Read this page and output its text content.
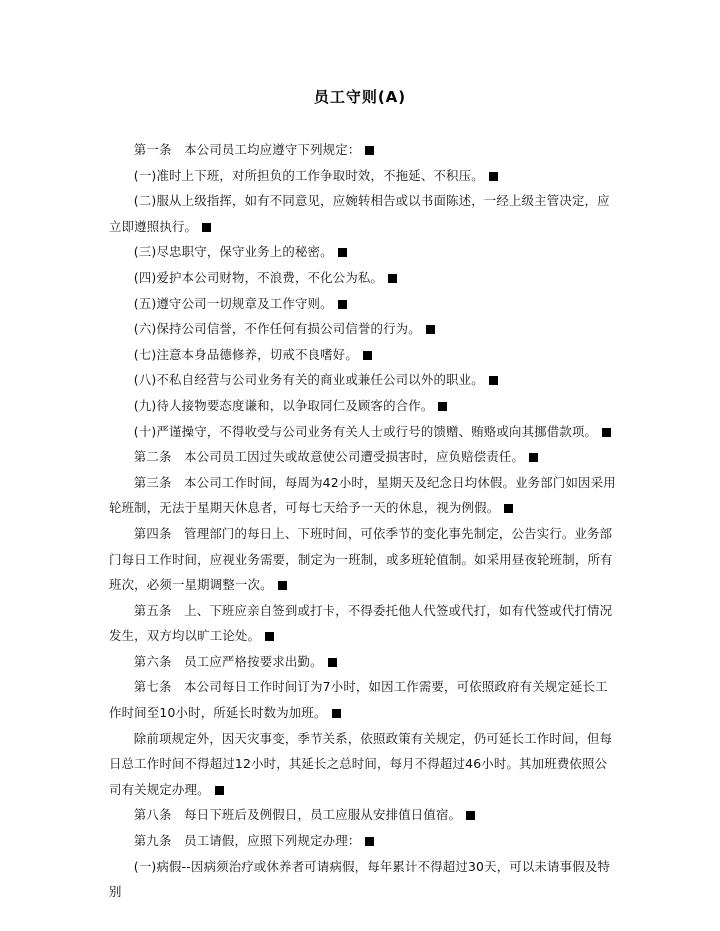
员工守则(A)

第一条　本公司员工均应遵守下列规定：

(一)准时上下班，对所担负的工作争取时效，不拖延、不积压。

(二)服从上级指挥，如有不同意见，应婉转相告或以书面陈述，一经上级主管决定，应立即遵照执行。

(三)尽忠职守，保守业务上的秘密。

(四)爱护本公司财物，不浪费，不化公为私。

(五)遵守公司一切规章及工作守则。

(六)保持公司信誉，不作任何有损公司信誉的行为。

(七)注意本身品德修养，切戒不良嗜好。

(八)不私自经营与公司业务有关的商业或兼任公司以外的职业。

(九)待人接物要态度谦和，以争取同仁及顾客的合作。

(十)严谨操守，不得收受与公司业务有关人士或行号的馈赠、贿赂或向其挪借款项。

第二条　本公司员工因过失或故意使公司遭受损害时，应负赔偿责任。

第三条　本公司工作时间，每周为42小时，星期天及纪念日均休假。业务部门如因采用轮班制，无法于星期天休息者，可每七天给予一天的休息，视为例假。

第四条　管理部门的每日上、下班时间，可依季节的变化事先制定，公告实行。业务部门每日工作时间，应视业务需要，制定为一班制，或多班轮值制。如采用昼夜轮班制，所有班次，必须一星期调整一次。

第五条　上、下班应亲自签到或打卡，不得委托他人代签或代打，如有代签或代打情况发生，双方均以旷工论处。

第六条　员工应严格按要求出勤。

第七条　本公司每日工作时间订为7小时，如因工作需要，可依照政府有关规定延长工作时间至10小时，所延长时数为加班。

除前项规定外，因天灾事变，季节关系，依照政策有关规定，仍可延长工作时间，但每日总工作时间不得超过12小时，其延长之总时间，每月不得超过46小时。其加班费依照公司有关规定办理。

第八条　每日下班后及例假日，员工应服从安排值日值宿。

第九条　员工请假，应照下列规定办理：

(一)病假--因病须治疗或休养者可请病假，每年累计不得超过30天，可以未请事假及特别
